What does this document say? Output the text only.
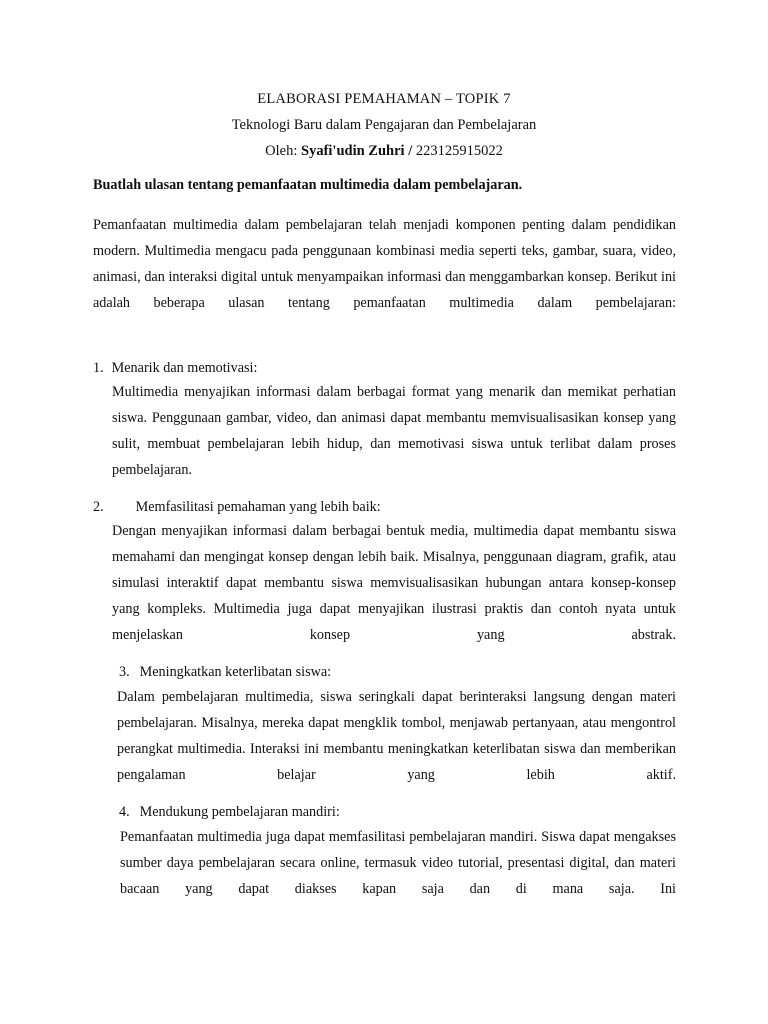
ELABORASI PEMAHAMAN – TOPIK 7
Teknologi Baru dalam Pengajaran dan Pembelajaran
Oleh: Syafi'udin Zuhri / 223125915022
Buatlah ulasan tentang pemanfaatan multimedia dalam pembelajaran.
Pemanfaatan multimedia dalam pembelajaran telah menjadi komponen penting dalam pendidikan modern. Multimedia mengacu pada penggunaan kombinasi media seperti teks, gambar, suara, video, animasi, dan interaksi digital untuk menyampaikan informasi dan menggambarkan konsep. Berikut ini adalah beberapa ulasan tentang pemanfaatan multimedia dalam pembelajaran:
1. Menarik dan memotivasi:
Multimedia menyajikan informasi dalam berbagai format yang menarik dan memikat perhatian siswa. Penggunaan gambar, video, dan animasi dapat membantu memvisualisasikan konsep yang sulit, membuat pembelajaran lebih hidup, dan memotivasi siswa untuk terlibat dalam proses pembelajaran.
2. Memfasilitasi pemahaman yang lebih baik:
Dengan menyajikan informasi dalam berbagai bentuk media, multimedia dapat membantu siswa memahami dan mengingat konsep dengan lebih baik. Misalnya, penggunaan diagram, grafik, atau simulasi interaktif dapat membantu siswa memvisualisasikan hubungan antara konsep-konsep yang kompleks. Multimedia juga dapat menyajikan ilustrasi praktis dan contoh nyata untuk menjelaskan konsep yang abstrak.
3. Meningkatkan keterlibatan siswa:
Dalam pembelajaran multimedia, siswa seringkali dapat berinteraksi langsung dengan materi pembelajaran. Misalnya, mereka dapat mengklik tombol, menjawab pertanyaan, atau mengontrol perangkat multimedia. Interaksi ini membantu meningkatkan keterlibatan siswa dan memberikan pengalaman belajar yang lebih aktif.
4. Mendukung pembelajaran mandiri:
Pemanfaatan multimedia juga dapat memfasilitasi pembelajaran mandiri. Siswa dapat mengakses sumber daya pembelajaran secara online, termasuk video tutorial, presentasi digital, dan materi bacaan yang dapat diakses kapan saja dan di mana saja. Ini
